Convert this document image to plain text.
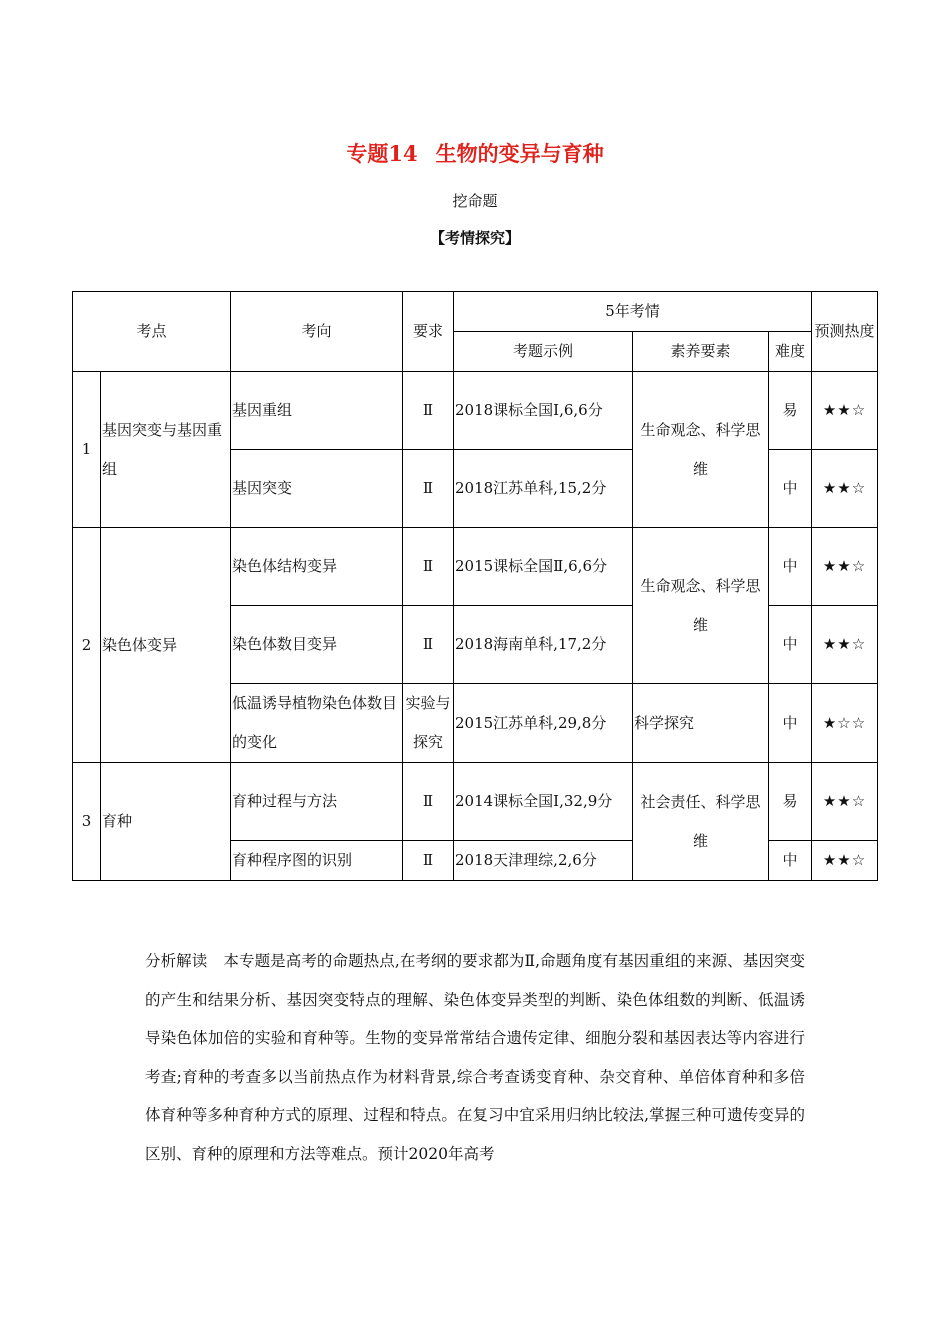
专题14 生物的变异与育种
挖命题
【考情探究】
考点		考向	要求	5年考情			预测热度
				考题示例	素养要素	难度	
1	基因突变与基因重组	基因重组	Ⅱ	2018课标全国Ⅰ,6,6分	生命观念、科学思维	易	★★☆

		基因突变	Ⅱ	2018江苏单科,15,2分		中	★★☆

2	染色体变异	染色体结构变异	Ⅱ	2015课标全国Ⅱ,6,6分	生命观念、科学思维	中	★★☆

		染色体数目变异	Ⅱ	2018海南单科,17,2分		中	★★☆

		低温诱导植物染色体数目的变化	实验与探究	2015江苏单科,29,8分	科学探究	中	★☆☆

3	育种	育种过程与方法	Ⅱ	2014课标全国Ⅰ,32,9分	社会责任、科学思维	易	★★☆

		育种程序图的识别	Ⅱ	2018天津理综,2,6分		中	★★☆
分析解读 本专题是高考的命题热点,在考纲的要求都为Ⅱ,命题角度有基因重组的来源、基因突变的产生和结果分析、基因突变特点的理解、染色体变异类型的判断、染色体组数的判断、低温诱导染色体加倍的实验和育种等。生物的变异常常结合遗传定律、细胞分裂和基因表达等内容进行考查;育种的考查多以当前热点作为材料背景,综合考查诱变育种、杂交育种、单倍体育种和多倍体育种等多种育种方式的原理、过程和特点。在复习中宜采用归纳比较法,掌握三种可遗传变异的区别、育种的原理和方法等难点。预计2020年高考
